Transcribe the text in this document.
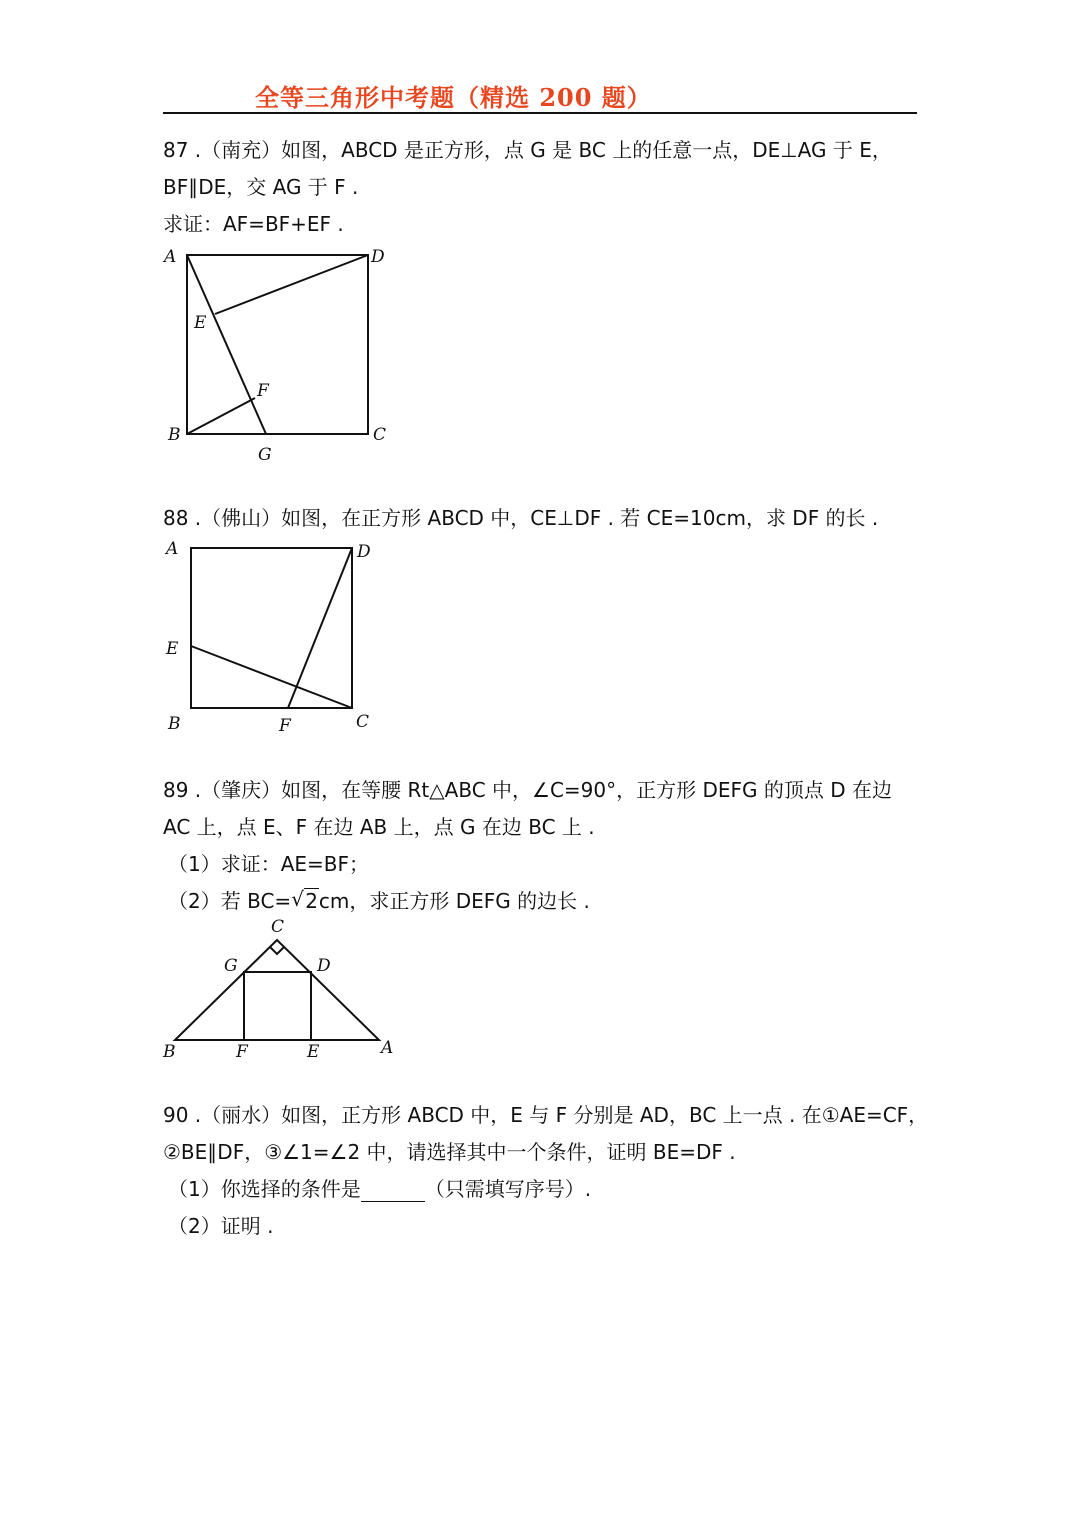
全等三角形中考题（精选 200 题）
87 .（南充）如图，ABCD 是正方形，点 G 是 BC 上的任意一点，DE⊥AG 于 E，
BF∥DE，交 AG 于 F .
求证：AF=BF+EF .
A	D
E
F
B	C
G
88 .（佛山）如图，在正方形 ABCD 中，CE⊥DF . 若 CE=10cm，求 DF 的长 .
A	D
E
B	F	C
89 .（肇庆）如图，在等腰 Rt△ABC 中，∠C=90°，正方形 DEFG 的顶点 D 在边
AC 上，点 E、F 在边 AB 上，点 G 在边 BC 上 .
（1）求证：AE=BF；
（2）若 BC= √ 2cm，求正方形 DEFG 的边长 .
C
G	D
B	F	E	A
90 .（丽水）如图，正方形 ABCD 中，E 与 F 分别是 AD，BC 上一点 . 在①AE=CF，
②BE∥DF，③∠1=∠2 中，请选择其中一个条件，证明 BE=DF .
（1）你选择的条件是	（只需填写序号）.
（2）证明 .
